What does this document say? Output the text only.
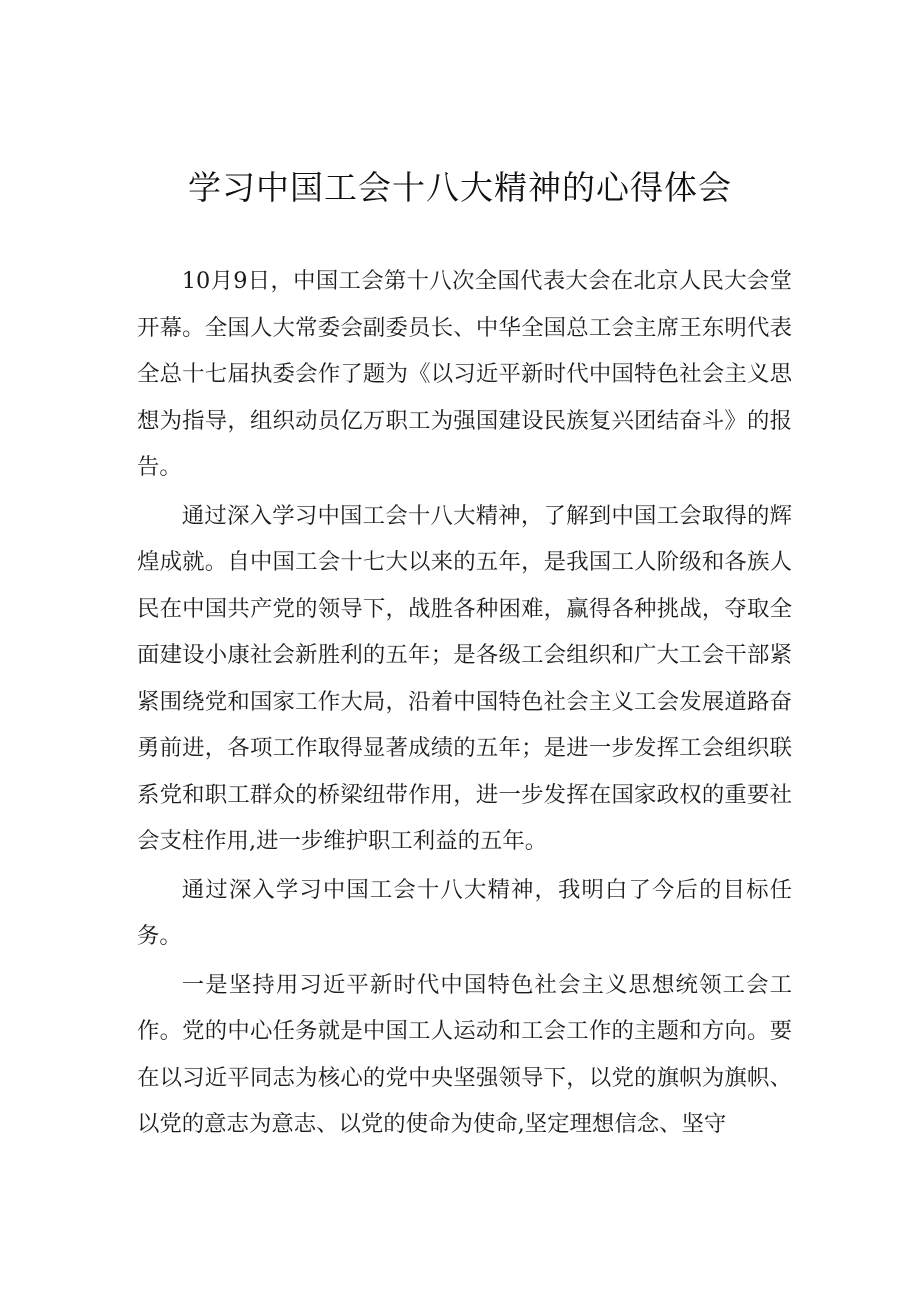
学习中国工会十八大精神的心得体会

10月9日，中国工会第十八次全国代表大会在北京人民大会堂开幕。全国人大常委会副委员长、中华全国总工会主席王东明代表全总十七届执委会作了题为《以习近平新时代中国特色社会主义思想为指导，组织动员亿万职工为强国建设民族复兴团结奋斗》的报告。

通过深入学习中国工会十八大精神，了解到中国工会取得的辉煌成就。自中国工会十七大以来的五年，是我国工人阶级和各族人民在中国共产党的领导下，战胜各种困难，赢得各种挑战，夺取全面建设小康社会新胜利的五年；是各级工会组织和广大工会干部紧紧围绕党和国家工作大局，沿着中国特色社会主义工会发展道路奋勇前进，各项工作取得显著成绩的五年；是进一步发挥工会组织联系党和职工群众的桥梁纽带作用，进一步发挥在国家政权的重要社会支柱作用,进一步维护职工利益的五年。

通过深入学习中国工会十八大精神，我明白了今后的目标任务。

一是坚持用习近平新时代中国特色社会主义思想统领工会工作。党的中心任务就是中国工人运动和工会工作的主题和方向。要在以习近平同志为核心的党中央坚强领导下，以党的旗帜为旗帜、以党的意志为意志、以党的使命为使命,坚定理想信念、坚守
